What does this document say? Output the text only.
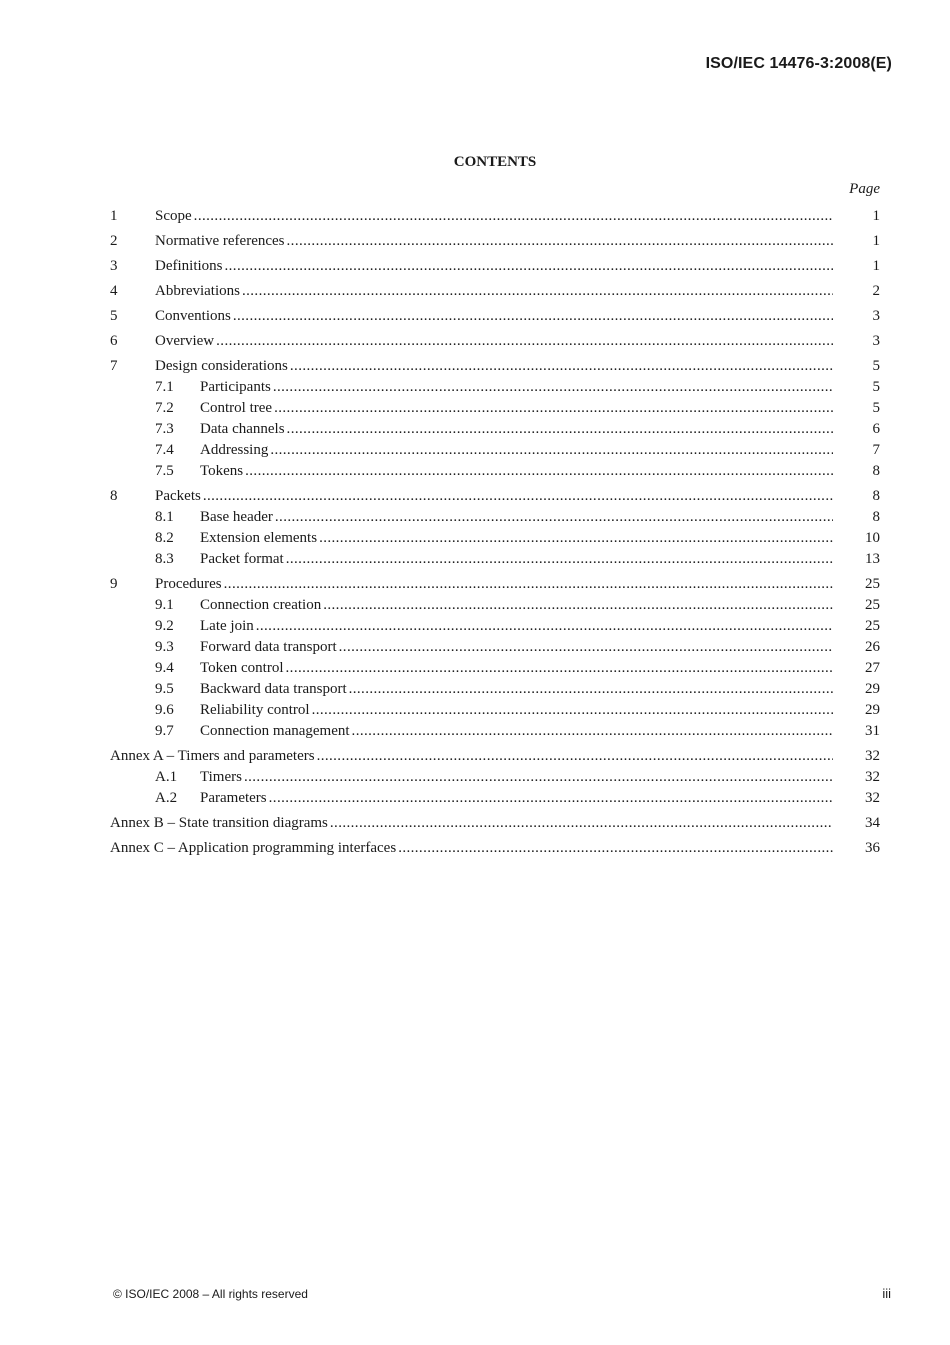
ISO/IEC 14476-3:2008(E)
CONTENTS
Page
1	Scope .....	1
2	Normative references .....	1
3	Definitions .....	1
4	Abbreviations .....	2
5	Conventions .....	3
6	Overview .....	3
7	Design considerations .....	5
7.1	Participants .....	5
7.2	Control tree .....	5
7.3	Data channels .....	6
7.4	Addressing .....	7
7.5	Tokens .....	8
8	Packets .....	8
8.1	Base header .....	8
8.2	Extension elements .....	10
8.3	Packet format .....	13
9	Procedures .....	25
9.1	Connection creation .....	25
9.2	Late join .....	25
9.3	Forward data transport .....	26
9.4	Token control .....	27
9.5	Backward data transport .....	29
9.6	Reliability control .....	29
9.7	Connection management .....	31
Annex A – Timers and parameters .....	32
A.1	Timers .....	32
A.2	Parameters .....	32
Annex B – State transition diagrams .....	34
Annex C – Application programming interfaces .....	36
© ISO/IEC 2008 – All rights reserved	iii
